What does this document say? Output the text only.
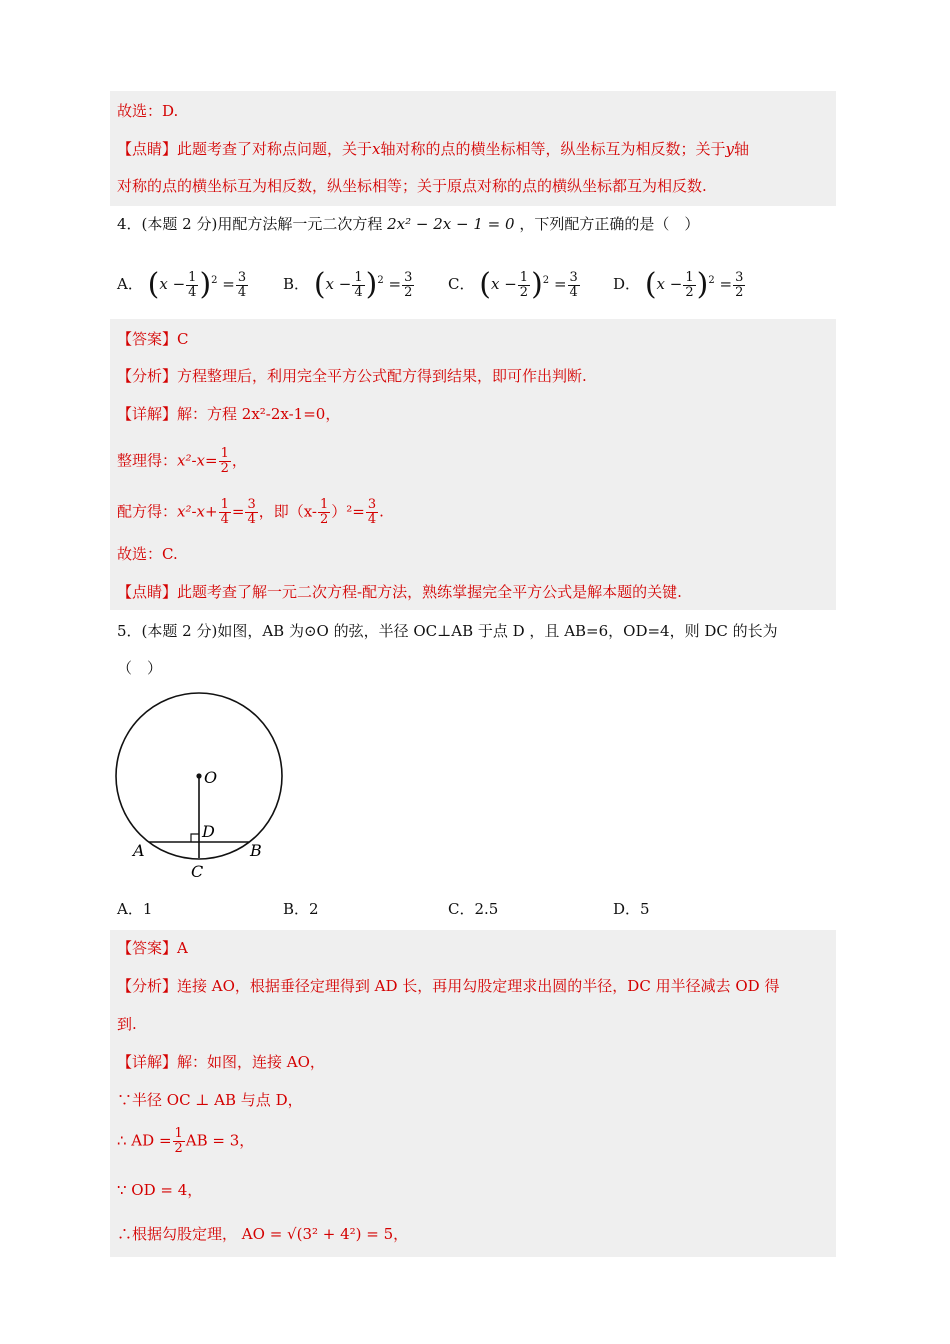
故选：D.
【点睛】此题考查了对称点问题，关于x轴对称的点的横坐标相等，纵坐标互为相反数；关于y轴
对称的点的横坐标互为相反数，纵坐标相等；关于原点对称的点的横纵坐标都互为相反数.
4．(本题 2 分)用配方法解一元二次方程 2x² − 2x − 1 = 0 ，下列配方正确的是（　）
A． $(x - \frac{1}{4} )^2 = \frac{3}{4}$ B． $(x - \frac{1}{4} )^2 = \frac{3}{2}$ C． $(x - \frac{1}{2} )^2 = \frac{3}{4}$ D． $(x - \frac{1}{2} )^2 = \frac{3}{2}$
【答案】C
【分析】方程整理后，利用完全平方公式配方得到结果，即可作出判断.
【详解】解：方程 2x²-2x-1=0，
整理得：$x^2-x= \frac{1}{2}$ ，
配方得：$x^2-x+ \frac{1}{4} = \frac{3}{4}$ ，即$(x- \frac{1}{2} )^2= \frac{3}{4}$ .
故选：C.
【点睛】此题考查了解一元二次方程-配方法，熟练掌握完全平方公式是解本题的关键.
5．(本题 2 分)如图，AB 为⊙O 的弦，半径 OC⊥AB 于点 D ，且 AB=6，OD=4，则 DC 的长为
（　）
O
D
A	B
C
A．1	B．2	C．2.5	D．5
【答案】A
【分析】连接 AO，根据垂径定理得到 AD 长，再用勾股定理求出圆的半径，DC 用半径减去 OD 得
到.
【详解】解：如图，连接 AO，
∵半径 OC ⊥ AB 与点 D，
∴ AD = $\frac{1}{2}$ AB = 3，
∵ OD = 4，
∴根据勾股定理， AO = √(3² + 4²) = 5，
